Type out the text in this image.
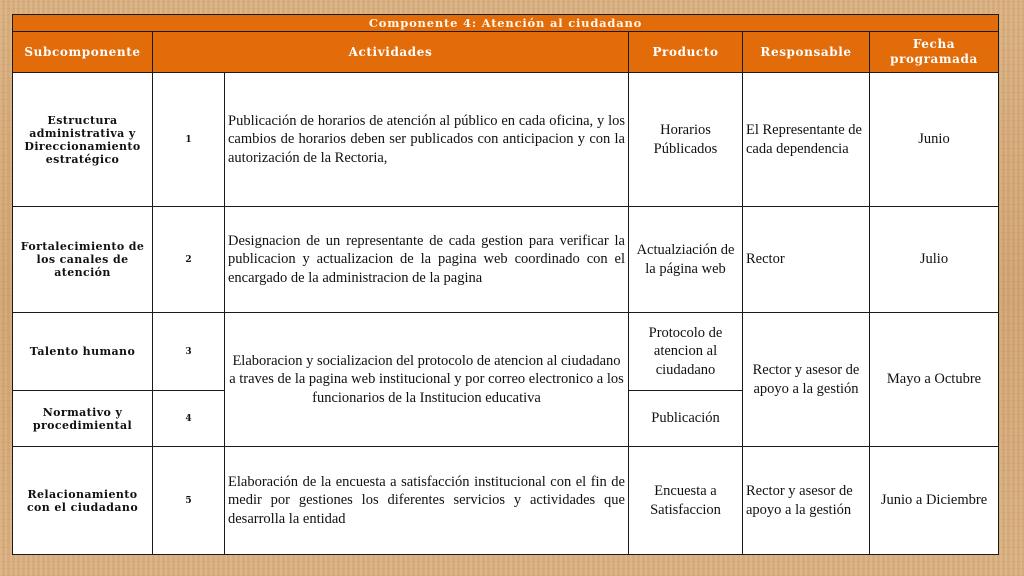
Componente 4: Atención al ciudadano					
Subcomponente	Actividades		Producto	Responsable	Fecha programada
Estructura administrativa y Direccionamiento estratégico	1	Publicación de horarios de atención al público en cada oficina, y los cambios de horarios deben ser publicados con anticipacion y con la autorización de la Rectoria,	Horarios Públicados	El Representante de cada dependencia	Junio
Fortalecimiento de los canales de atención	2	Designacion de un representante de cada gestion para verificar la publicacion y actualizacion de la pagina web coordinado con el encargado de la administracion de la pagina	Actualziación de la página web	Rector	Julio
Talento humano	3	Elaboracion y socializacion del protocolo de atencion al ciudadano a traves de la pagina web institucional y por correo electronico a los funcionarios de la Institucion educativa	Protocolo de atencion al ciudadano	Rector y asesor de apoyo a la gestión	Mayo a Octubre
Normativo y procedimiental	4		Publicación		
Relacionamiento con el ciudadano	5	Elaboración de la encuesta a satisfacción institucional con el fin de medir por gestiones los diferentes servicios y actividades que desarrolla la entidad	Encuesta a Satisfaccion	Rector y asesor de apoyo a la gestión	Junio a Diciembre
